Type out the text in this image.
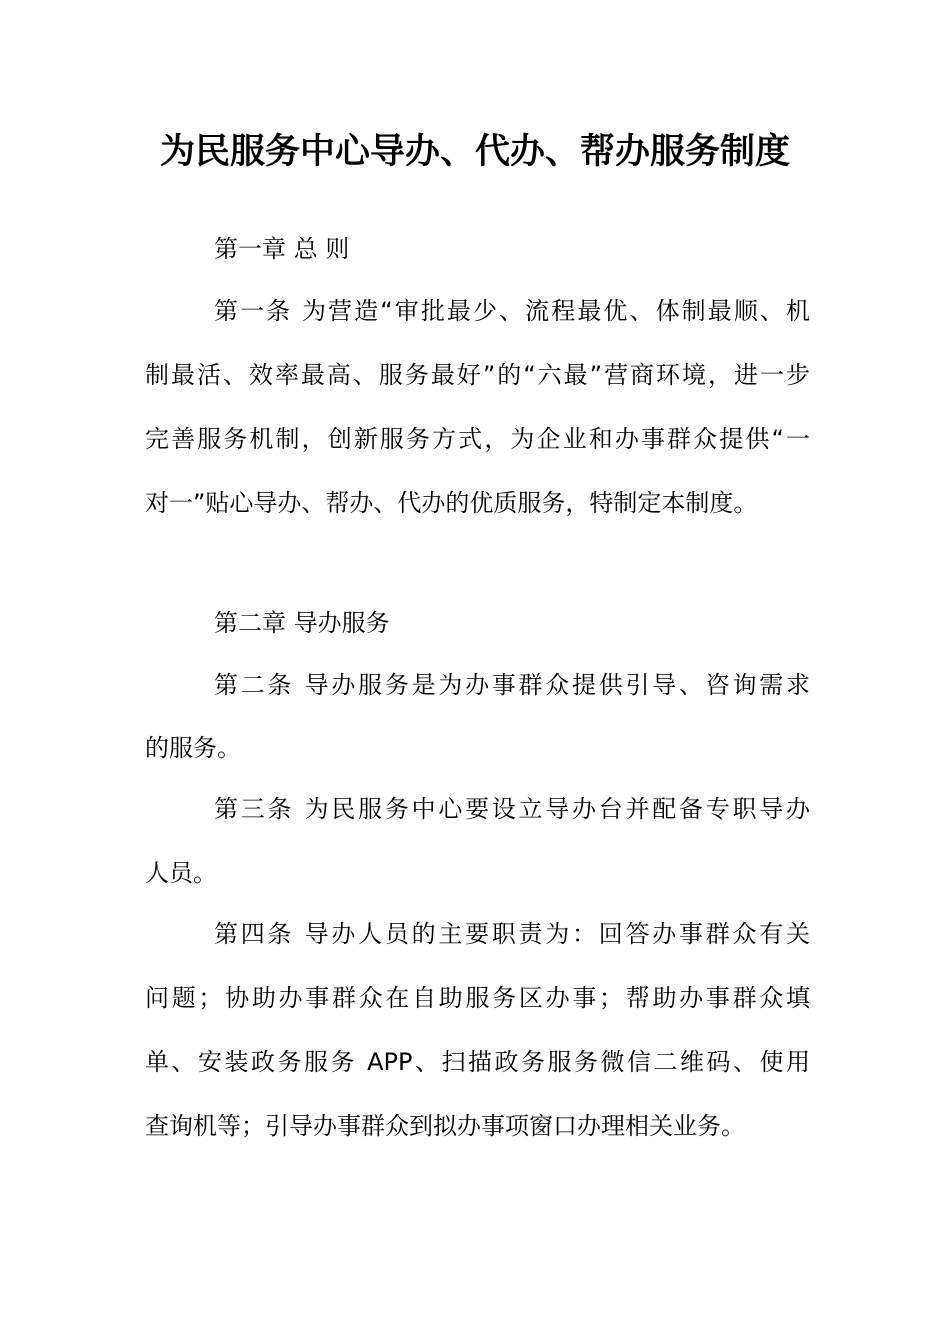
为民服务中心导办、代办、帮办服务制度

第一章 总 则

第一条 为营造“审批最少、流程最优、体制最顺、机

制最活、效率最高、服务最好”的“六最”营商环境，进一步

完善服务机制，创新服务方式，为企业和办事群众提供“一

对一”贴心导办、帮办、代办的优质服务，特制定本制度。

第二章 导办服务

第二条 导办服务是为办事群众提供引导、咨询需求

的服务。

第三条 为民服务中心要设立导办台并配备专职导办

人员。

第四条 导办人员的主要职责为：回答办事群众有关

问题；协助办事群众在自助服务区办事；帮助办事群众填

单、安装政务服务 APP、扫描政务服务微信二维码、使用

查询机等；引导办事群众到拟办事项窗口办理相关业务。
